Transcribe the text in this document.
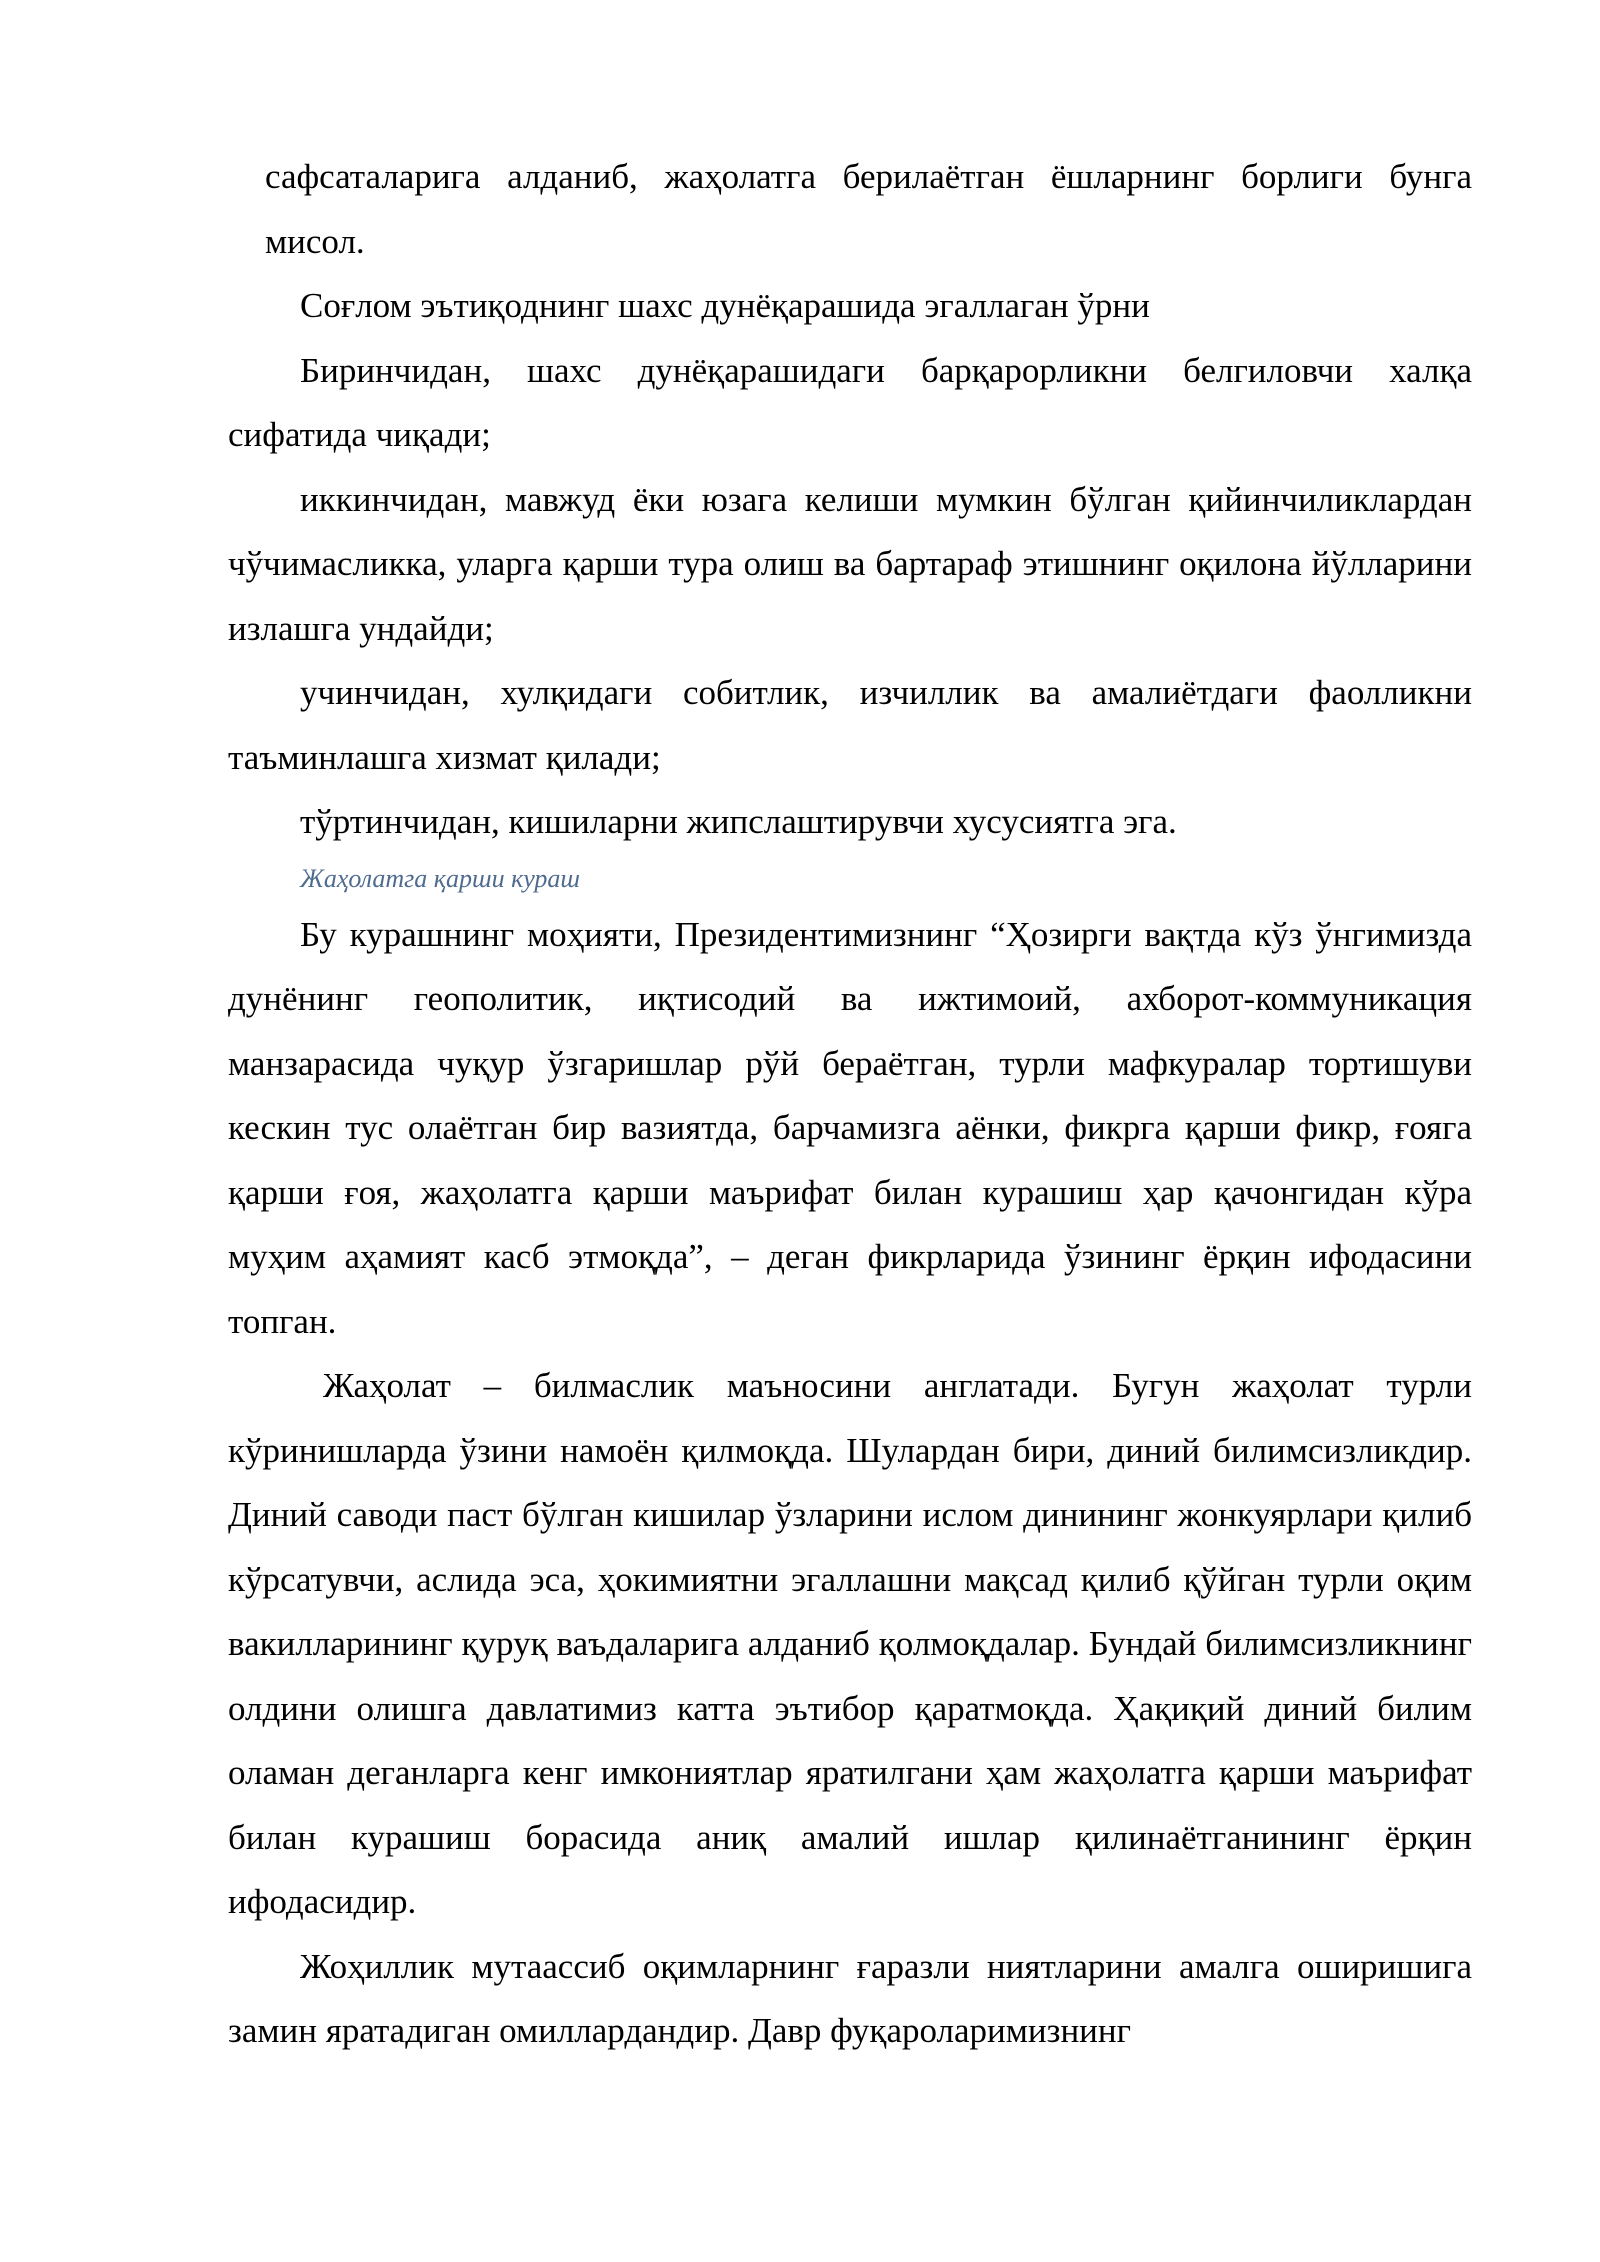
сафсаталарига алданиб, жаҳолатга берилаётган ёшларнинг борлиги бунга мисол.

Соғлом эътиқоднинг шахс дунёқарашида эгаллаган ўрни

Биринчидан, шахс дунёқарашидаги барқарорликни белгиловчи халқа сифатида чиқади;

иккинчидан, мавжуд ёки юзага келиши мумкин бўлган қийинчиликлардан чўчимасликка, уларга қарши тура олиш ва бартараф этишнинг оқилона йўлларини излашга ундайди;

учинчидан, хулқидаги собитлик, изчиллик ва амалиётдаги фаолликни таъминлашга хизмат қилади;

тўртинчидан, кишиларни жипслаштирувчи хусусиятга эга.

Жаҳолатга қарши кураш

Бу курашнинг моҳияти, Президентимизнинг “Ҳозирги вақтда кўз ўнгимизда дунёнинг геополитик, иқтисодий ва ижтимоий, ахборот-коммуникация манзарасида чуқур ўзгаришлар рўй бераётган, турли мафкуралар тортишуви кескин тус олаётган бир вазиятда, барчамизга аёнки, фикрга қарши фикр, ғояга қарши ғоя, жаҳолатга қарши маърифат билан курашиш ҳар қачонгидан кўра муҳим аҳамият касб этмоқда”, – деган фикрларида ўзининг ёрқин ифодасини топган.

Жаҳолат – билмаслик маъносини англатади. Бугун жаҳолат турли кўринишларда ўзини намоён қилмоқда. Шулардан бири, диний билимсизликдир. Диний саводи паст бўлган кишилар ўзларини ислом динининг жонкуярлари қилиб кўрсатувчи, аслида эса, ҳокимиятни эгаллашни мақсад қилиб қўйган турли оқим вакилларининг қуруқ ваъдаларига алданиб қолмоқдалар. Бундай билимсизликнинг олдини олишга давлатимиз катта эътибор қаратмоқда. Ҳақиқий диний билим оламан деганларга кенг имкониятлар яратилгани ҳам жаҳолатга қарши маърифат билан курашиш борасида аниқ амалий ишлар қилинаётганининг ёрқин ифодасидир.

Жоҳиллик мутаассиб оқимларнинг ғаразли ниятларини амалга оширишига замин яратадиган омиллардандир. Давр фуқароларимизнинг
